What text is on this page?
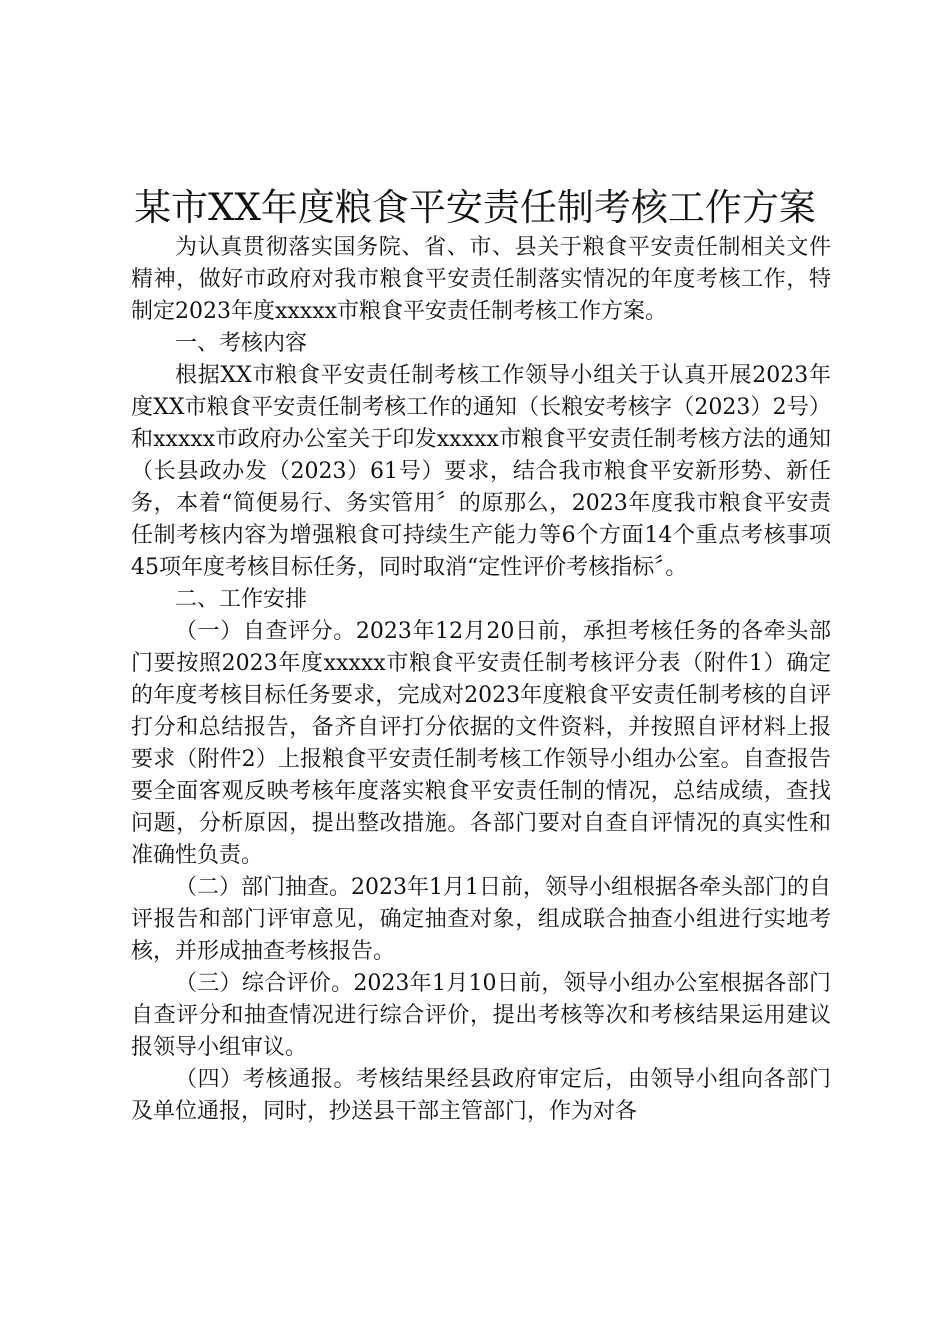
某市XX年度粮食平安责任制考核工作方案

为认真贯彻落实国务院、省、市、县关于粮食平安责任制相关文件精神，做好市政府对我市粮食平安责任制落实情况的年度考核工作，特制定2023年度xxxxx市粮食平安责任制考核工作方案。

一、考核内容

根据XX市粮食平安责任制考核工作领导小组关于认真开展2023年度XX市粮食平安责任制考核工作的通知（长粮安考核字（2023）2号）和xxxxx市政府办公室关于印发xxxxx市粮食平安责任制考核方法的通知（长县政办发（2023）61号）要求，结合我市粮食平安新形势、新任务，本着“简便易行、务实管用〞的原那么，2023年度我市粮食平安责任制考核内容为增强粮食可持续生产能力等6个方面14个重点考核事项45项年度考核目标任务，同时取消“定性评价考核指标〞。

二、工作安排

（一）自查评分。2023年12月20日前，承担考核任务的各牵头部门要按照2023年度xxxxx市粮食平安责任制考核评分表（附件1）确定的年度考核目标任务要求，完成对2023年度粮食平安责任制考核的自评打分和总结报告，备齐自评打分依据的文件资料，并按照自评材料上报要求（附件2）上报粮食平安责任制考核工作领导小组办公室。自查报告要全面客观反映考核年度落实粮食平安责任制的情况，总结成绩，查找问题，分析原因，提出整改措施。各部门要对自查自评情况的真实性和准确性负责。

（二）部门抽查。2023年1月1日前，领导小组根据各牵头部门的自评报告和部门评审意见，确定抽查对象，组成联合抽查小组进行实地考核，并形成抽查考核报告。

（三）综合评价。2023年1月10日前，领导小组办公室根据各部门自查评分和抽查情况进行综合评价，提出考核等次和考核结果运用建议报领导小组审议。

（四）考核通报。考核结果经县政府审定后，由领导小组向各部门及单位通报，同时，抄送县干部主管部门，作为对各
